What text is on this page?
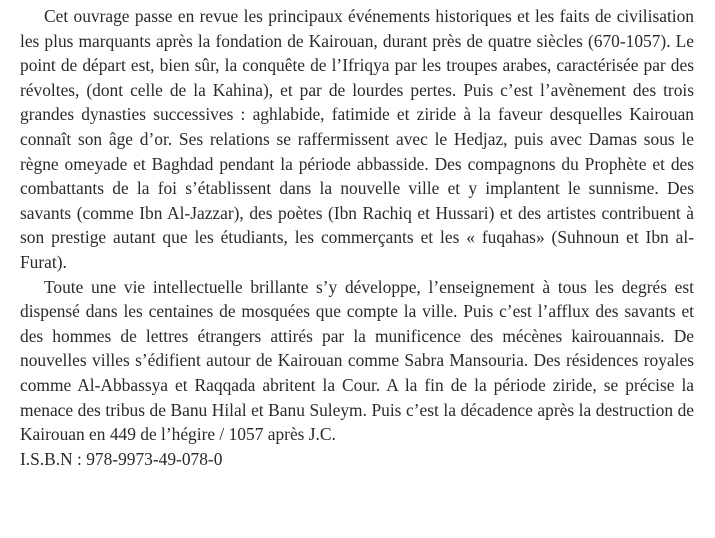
Cet ouvrage passe en revue les principaux événements historiques et les faits de civilisation les plus marquants après la fondation de Kairouan, durant près de quatre siècles (670-1057). Le point de départ est, bien sûr, la conquête de l’Ifriqya par les troupes arabes, caractérisée par des révoltes, (dont celle de la Kahina), et par de lourdes pertes. Puis c’est l’avènement des trois grandes dynasties successives : aghlabide, fatimide et ziride à la faveur desquelles Kairouan connaît son âge d’or. Ses relations se raffermissent avec le Hedjaz, puis avec Damas sous le règne omeyade et Baghdad pendant la période abbasside. Des compagnons du Prophète et des combattants de la foi s’établissent dans la nouvelle ville et y implantent le sunnisme. Des savants (comme Ibn Al-Jazzar), des poètes (Ibn Rachiq et Hussari) et des artistes contribuent à son prestige autant que les étudiants, les commerçants et les « fuqahas» (Suhnoun et Ibn al-Furat).

Toute une vie intellectuelle brillante s’y développe, l’enseignement à tous les degrés est dispensé dans les centaines de mosquées que compte la ville. Puis c’est l’afflux des savants et des hommes de lettres étrangers attirés par la munificence des mécènes kairouannais. De nouvelles villes s’édifient autour de Kairouan comme Sabra Mansouria. Des résidences royales comme Al-Abbassya et Raqqada abritent la Cour. A la fin de la période ziride, se précise la menace des tribus de Banu Hilal et Banu Suleym. Puis c’est la décadence après la destruction de Kairouan en 449 de l’hégire / 1057 après J.C.

I.S.B.N : 978-9973-49-078-0
